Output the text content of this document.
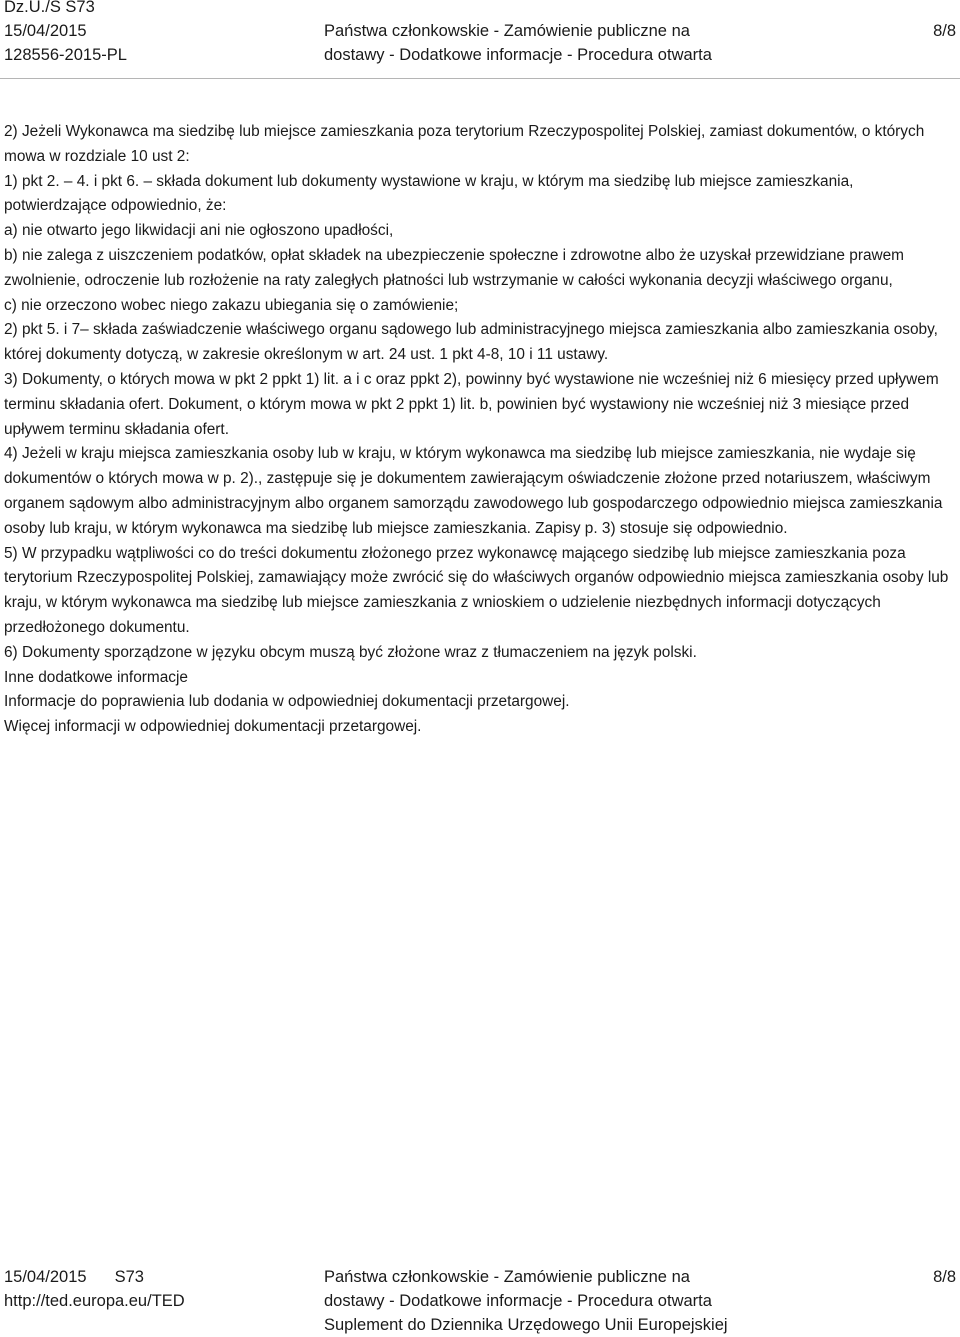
Dz.U./S S73
15/04/2015
128556-2015-PL
Państwa członkowskie - Zamówienie publiczne na
dostawy - Dodatkowe informacje - Procedura otwarta
8/8

2) Jeżeli Wykonawca ma siedzibę lub miejsce zamieszkania poza terytorium Rzeczypospolitej Polskiej, zamiast dokumentów, o których mowa w rozdziale 10 ust 2:

1) pkt 2. – 4. i pkt 6. – składa dokument lub dokumenty wystawione w kraju, w którym ma siedzibę lub miejsce zamieszkania, potwierdzające odpowiednio, że:

a) nie otwarto jego likwidacji ani nie ogłoszono upadłości,

b) nie zalega z uiszczeniem podatków, opłat składek na ubezpieczenie społeczne i zdrowotne albo że uzyskał przewidziane prawem zwolnienie, odroczenie lub rozłożenie na raty zaległych płatności lub wstrzymanie w całości wykonania decyzji właściwego organu,

c) nie orzeczono wobec niego zakazu ubiegania się o zamówienie;

2) pkt 5. i 7– składa zaświadczenie właściwego organu sądowego lub administracyjnego miejsca zamieszkania albo zamieszkania osoby, której dokumenty dotyczą, w zakresie określonym w art. 24 ust. 1 pkt 4-8, 10 i 11 ustawy.

3) Dokumenty, o których mowa w pkt 2 ppkt 1) lit. a i c oraz ppkt 2), powinny być wystawione nie wcześniej niż 6 miesięcy przed upływem terminu składania ofert. Dokument, o którym mowa w pkt 2 ppkt 1) lit. b, powinien być wystawiony nie wcześniej niż 3 miesiące przed upływem terminu składania ofert.

4) Jeżeli w kraju miejsca zamieszkania osoby lub w kraju, w którym wykonawca ma siedzibę lub miejsce zamieszkania, nie wydaje się dokumentów o których mowa w p. 2)., zastępuje się je dokumentem zawierającym oświadczenie złożone przed notariuszem, właściwym organem sądowym albo administracyjnym albo organem samorządu zawodowego lub gospodarczego odpowiednio miejsca zamieszkania osoby lub kraju, w którym wykonawca ma siedzibę lub miejsce zamieszkania. Zapisy p. 3) stosuje się odpowiednio.

5) W przypadku wątpliwości co do treści dokumentu złożonego przez wykonawcę mającego siedzibę lub miejsce zamieszkania poza terytorium Rzeczypospolitej Polskiej, zamawiający może zwrócić się do właściwych organów odpowiednio miejsca zamieszkania osoby lub kraju, w którym wykonawca ma siedzibę lub miejsce zamieszkania z wnioskiem o udzielenie niezbędnych informacji dotyczących przedłożonego dokumentu.

6) Dokumenty sporządzone w języku obcym muszą być złożone wraz z tłumaczeniem na język polski.

Inne dodatkowe informacje

Informacje do poprawienia lub dodania w odpowiedniej dokumentacji przetargowej.

Więcej informacji w odpowiedniej dokumentacji przetargowej.

15/04/2015 S73
http://ted.europa.eu/TED
Państwa członkowskie - Zamówienie publiczne na
dostawy - Dodatkowe informacje - Procedura otwarta
Suplement do Dziennika Urzędowego Unii Europejskiej
8/8
